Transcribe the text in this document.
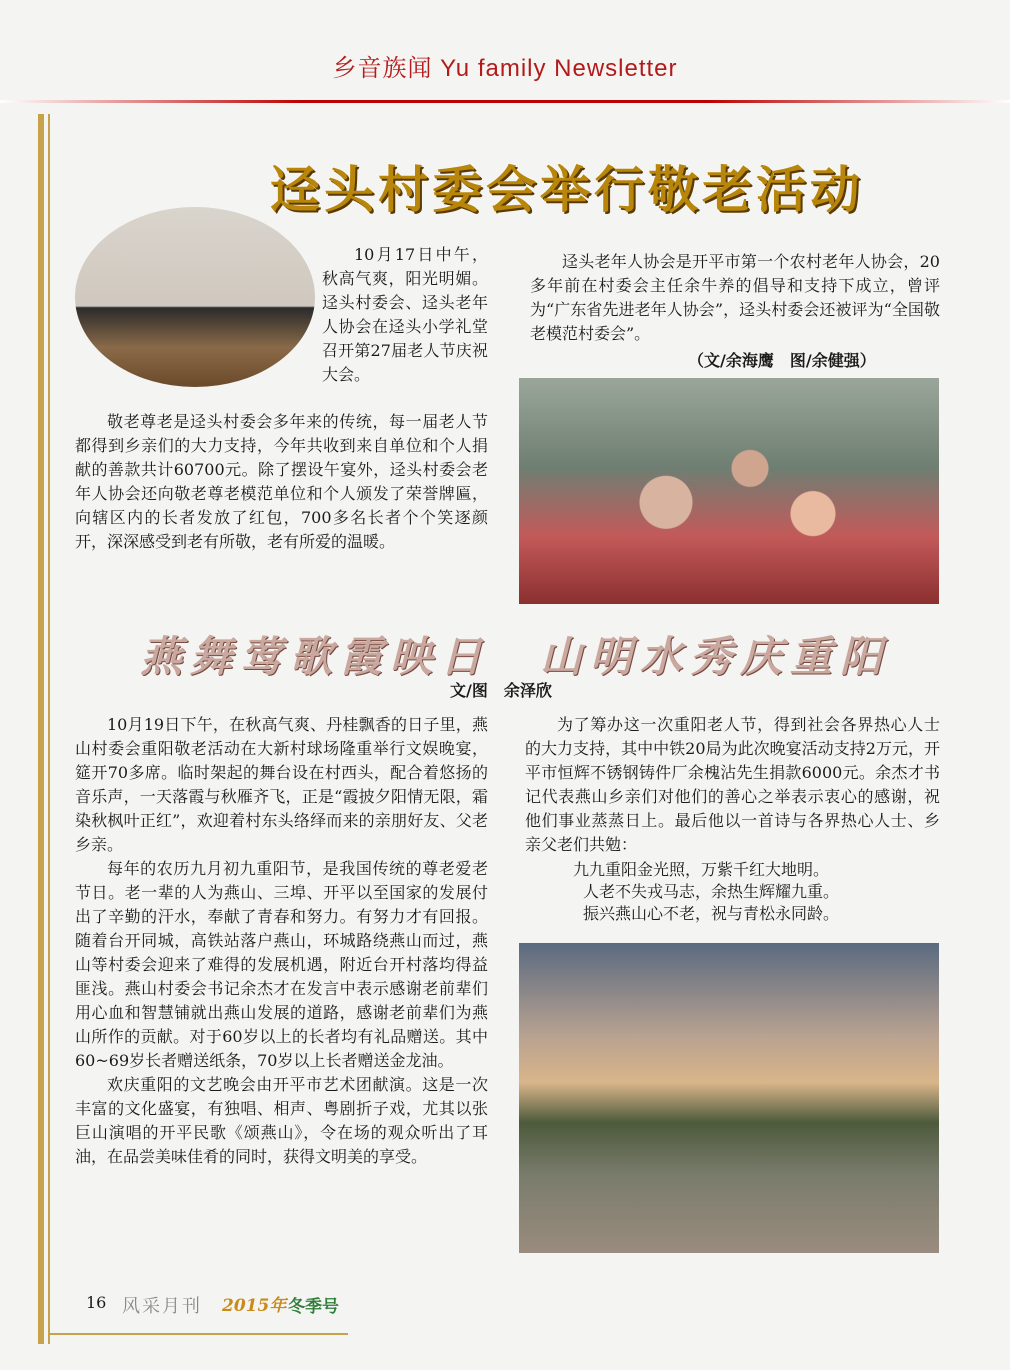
乡音族闻 Yu family Newsletter
迳头村委会举行敬老活动

10月17日中午，秋高气爽，阳光明媚。迳头村委会、迳头老年人协会在迳头小学礼堂召开第27届老人节庆祝大会。

敬老尊老是迳头村委会多年来的传统，每一届老人节都得到乡亲们的大力支持，今年共收到来自单位和个人捐献的善款共计60700元。除了摆设午宴外，迳头村委会老年人协会还向敬老尊老模范单位和个人颁发了荣誉牌匾，向辖区内的长者发放了红包，700多名长者个个笑逐颜开，深深感受到老有所敬，老有所爱的温暖。

迳头老年人协会是开平市第一个农村老年人协会，20多年前在村委会主任余牛养的倡导和支持下成立，曾评为“广东省先进老年人协会”，迳头村委会还被评为“全国敬老模范村委会”。

（文/余海鹰　图/余健强）
燕舞莺歌霞映日　山明水秀庆重阳
文/图　余泽欣

10月19日下午，在秋高气爽、丹桂飘香的日子里，燕山村委会重阳敬老活动在大新村球场隆重举行文娱晚宴，筵开70多席。临时架起的舞台设在村西头，配合着悠扬的音乐声，一天落霞与秋雁齐飞，正是“霞披夕阳情无限，霜染秋枫叶正红”，欢迎着村东头络绎而来的亲朋好友、父老乡亲。

每年的农历九月初九重阳节，是我国传统的尊老爱老节日。老一辈的人为燕山、三埠、开平以至国家的发展付出了辛勤的汗水，奉献了青春和努力。有努力才有回报。随着台开同城，高铁站落户燕山，环城路绕燕山而过，燕山等村委会迎来了难得的发展机遇，附近台开村落均得益匪浅。燕山村委会书记余杰才在发言中表示感谢老前辈们用心血和智慧铺就出燕山发展的道路，感谢老前辈们为燕山所作的贡献。对于60岁以上的长者均有礼品赠送。其中60~69岁长者赠送纸条，70岁以上长者赠送金龙油。

欢庆重阳的文艺晚会由开平市艺术团献演。这是一次丰富的文化盛宴，有独唱、相声、粤剧折子戏，尤其以张巨山演唱的开平民歌《颂燕山》，令在场的观众听出了耳油，在品尝美味佳肴的同时，获得文明美的享受。

为了筹办这一次重阳老人节，得到社会各界热心人士的大力支持，其中中铁20局为此次晚宴活动支持2万元，开平市恒辉不锈钢铸件厂余槐沾先生捐款6000元。余杰才书记代表燕山乡亲们对他们的善心之举表示衷心的感谢，祝他们事业蒸蒸日上。最后他以一首诗与各界热心人士、乡亲父老们共勉：

九九重阳金光照，万紫千红大地明。
人老不失戎马志，余热生辉耀九重。
振兴燕山心不老，祝与青松永同龄。
16 风采月刊 2015年 冬季号
